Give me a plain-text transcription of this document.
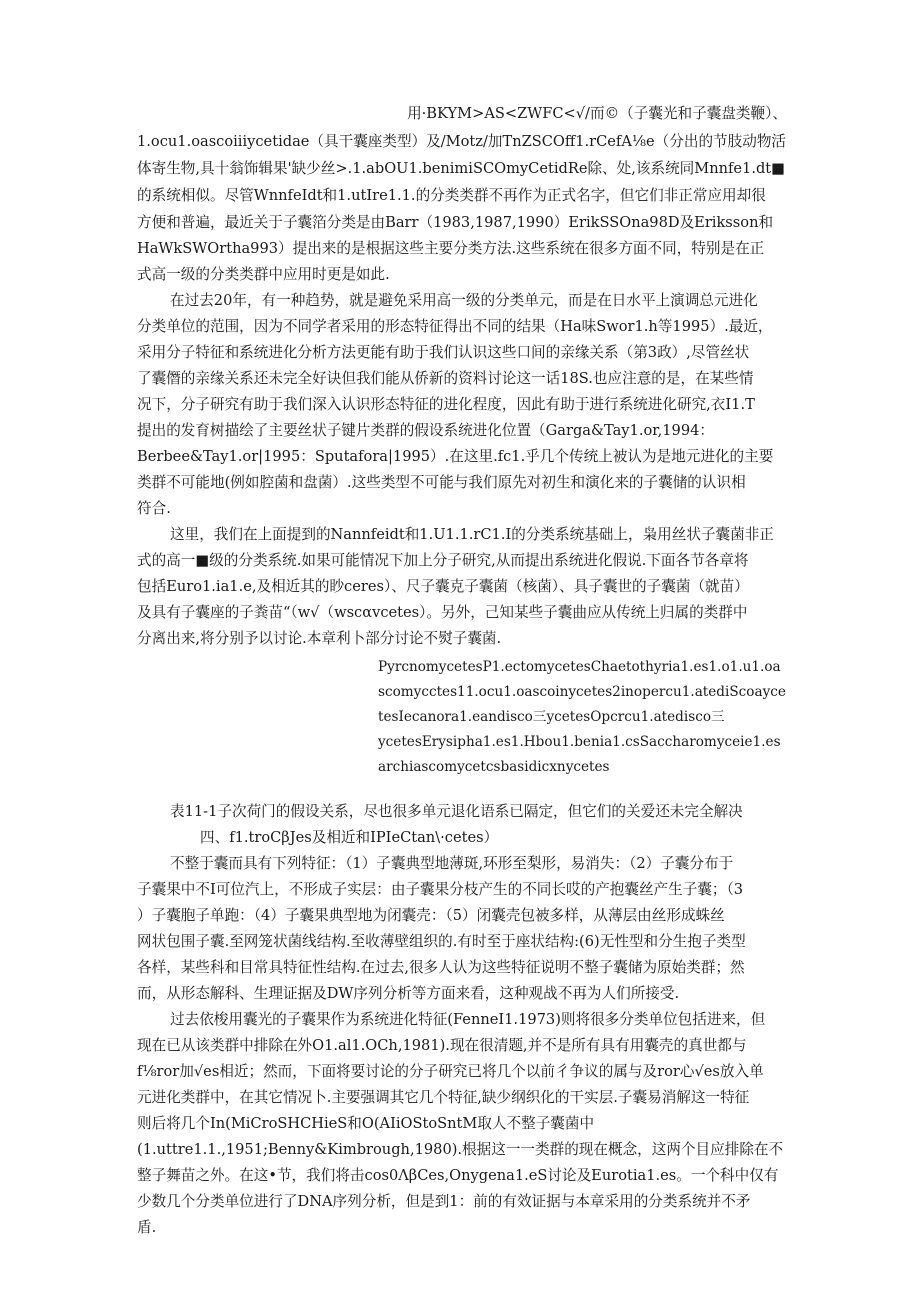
用·BKYM>AS<ZWFC<√/而©（子囊光和子囊盘类鞭）、
1.ocu1.oascoiiiycetidae（具干囊座类型）及/Motz/加TnZSCOff1.rCefA⅛e（分出的节肢动物活
体寄生物,具十翁饰辑果'缺少丝>.1.abOU1.benimiSCOmyCetidRe除、处,该系统同Mnnfe1.dt■
的系统相似。尽管WnnfeIdt和1.utIre1.1.的分类类群不再作为正式名字，但它们非正常应用却很
方便和普遍，最近关于子囊箔分类是由Barr（1983,1987,1990）ErikSSOna98D及Eriksson和
HaWkSWOrtha993）提出来的是根据这些主要分类方法.这些系统在很多方面不同，特别是在正
式高一级的分类类群中应用时更是如此.
在过去20年，有一种趋势，就是避免采用高一级的分类单元，而是在日水平上演调总元进化
分类单位的范围，因为不同学者采用的形态特征得出不同的结果（Ha味Swor1.h等1995）.最近，
采用分子特征和系统进化分析方法更能有助于我们认识这些口间的亲缘关系（第3政）,尽管丝状
了囊僭的亲缘关系还未完全好诀但我们能从侨新的资料讨论这一话18S.也应注意的是，在某些情
况下，分子研究有助于我们深入认识形态特征的进化程度，因此有助于进行系统进化研究,衣I1.T
提出的发育树描绘了主要丝状子键片类群的假设系统进化位置（Garga&Tay1.or,1994：
Berbee&Tay1.or|1995：Sputafora|1995）.在这里.fc1.乎几个传统上被认为是地元进化的主要
类群不可能地(例如腔菌和盘菌）.这些类型不可能与我们原先对初生和演化来的子囊储的认识相
符合.
这里，我们在上面提到的Nannfeidt和1.U1.1.rC1.I的分类系统基础上，枭用丝状子囊菌非正
式的高一■级的分类系统.如果可能情况下加上分子研究,从而提出系统进化假说.下面各节各章将
包括Euro1.ia1.e,及相近其的眇ceres）、尺子囊克子囊菌（核菌）、具子囊世的子囊菌（就苗）
及具有子囊座的子粪苗“（w√（wscαvcetes）。另外，己知某些子囊曲应从传统上归属的类群中
分离出来,将分别予以讨论.本章利卜部分讨论不熨子囊菌.
PyrcnomycetesP1.ectomycetesChaetothyria1.es1.o1.u1.oa
scomycctes11.ocu1.oascoinycetes2inopercu1.atediScoayce
tesIecanora1.eandisco三ycetesOpcrcu1.atedisco三
ycetesErysipha1.es1.Hbou1.benia1.csSaccharomyceie1.es
archiascomycetcsbasidicxnycetes
表11-1子次荷门的假设关系，尽也很多单元退化语系已隔定，但它们的关爱还未完全解决
四、f1.troCβJes及相近和IPIeCtan\·cetes）
不整于囊而具有下列特征：（1）子囊典型地薄斑,环形至梨形，易消失：（2）子囊分布于
子囊果中不I可位汽上，不形成子实层：由子囊果分枝产生的不同长哎的产抱囊丝产生子囊；（3
）子囊胞子单跑：（4）子囊果典型地为闭囊壳：（5）闭囊壳包被多样，从薄层由丝形成蛛丝
网状包围子囊.至网笼状菌线结构.至收薄壁组织的.有时至于座状结构:(6)无性型和分生抱子类型
各样，某些科和目常具特征性结构.在过去,很多人认为这些特征说明不整子囊储为原始类群；然
而，从形态解科、生理证据及DW序列分析等方面来看，这种观战不再为人们所接受.
过去依梭用囊光的子囊果作为系统进化特征(FenneI1.1973)则将很多分类单位包括进来，但
现在已从该类群中排除在外O1.al1.OCh,1981).现在很清题,并不是所有具有用囊壳的真世都与
f⅛ror加√es相近；然而，下面将要讨论的分子研究已将几个以前彳争议的属与及ror心√es放入单
元进化类群中，在其它情况卜.主要强调其它几个特征,缺少纲织化的干实层.子囊易消解这一特征
则后将几个In(MiCroSHCHieS和O(AIiOStoSntM取人不整子囊菌中
(1.uttre1.1.,1951;Benny&Kimbrough,1980).根据这一一类群的现在概念，这两个目应排除在不
整子舞苗之外。在这•节，我们将击cos0ΛβCes,Onygena1.eS讨论及Eurotia1.es。一个科中仅有
少数几个分类单位进行了DNA序列分析，但是到1：前的有效证据与本章采用的分类系统并不矛
盾.
